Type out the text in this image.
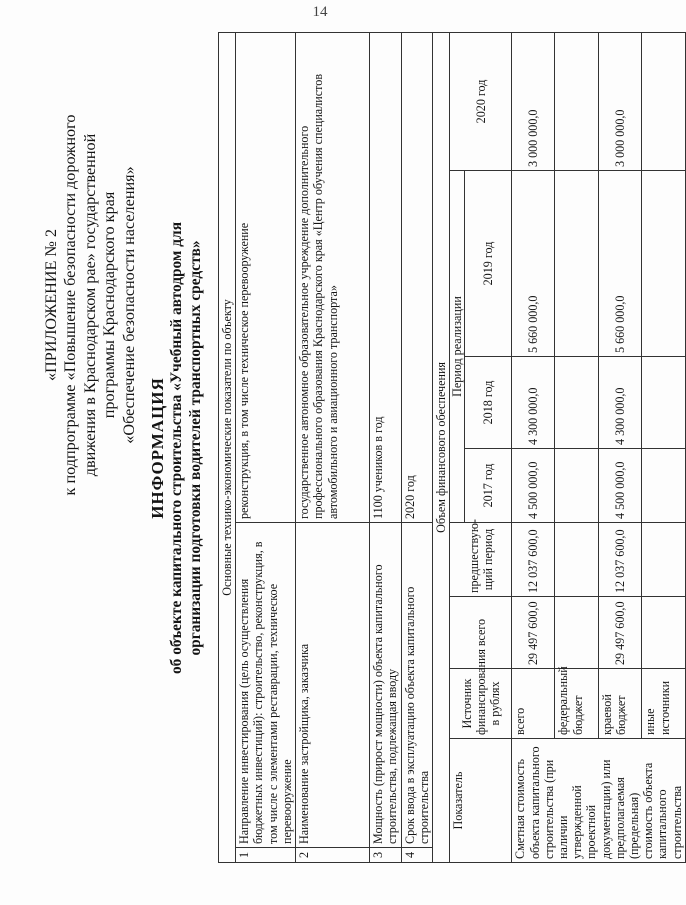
14
«ПРИЛОЖЕНИЕ № 2 к подпрограмме «Повышение безопасности дорожного движения в Краснодарском рае» государственной программы Краснодарского края «Обеспечение безопасности населения»
ИНФОРМАЦИЯ об объекте капитального строительства «Учебный автодром для организации подготовки водителей транспортных средств» Основные технико-экономические показатели по объекту								
1	Направление инвестирования (цель осуществления бюджетных инвестиций): строительство, реконструкция, в том числе с элементами реставрации, техническое перевооружение				реконструкция, в том числе техническое перевооружение			
2	Наименование застройщика, заказчика				государственное автономное образовательное учреждение дополнительного профессионального образования Краснодарского края «Центр обучения специалистов автомобильного и авиационного транспорта»			
3	Мощность (прирост мощности) объекта капитального строительства, подлежащая вводу				1100 учеников в год			
4	Срок ввода в эксплуатацию объекта капитального строительства				2020 год			
Объем финансового обеспечения								
Показатель		Источник финансирования в рублях	всего	предшествую-щий период	Период реализации			2020 год
					2017 год	2018 год	2019 год	
Сметная стоимость объекта капитального строительства (при наличии утвержденной проектной документации) или предполагаемая (предельная) стоимость объекта капитального строительства		всего	29 497 600,0	12 037 600,0	4 500 000,0	4 300 000,0	5 660 000,0	3 000 000,0
		федеральный бюджет						
		краевой бюджет	29 497 600,0	12 037 600,0	4 500 000,0	4 300 000,0	5 660 000,0	3 000 000,0
		иные источники						
